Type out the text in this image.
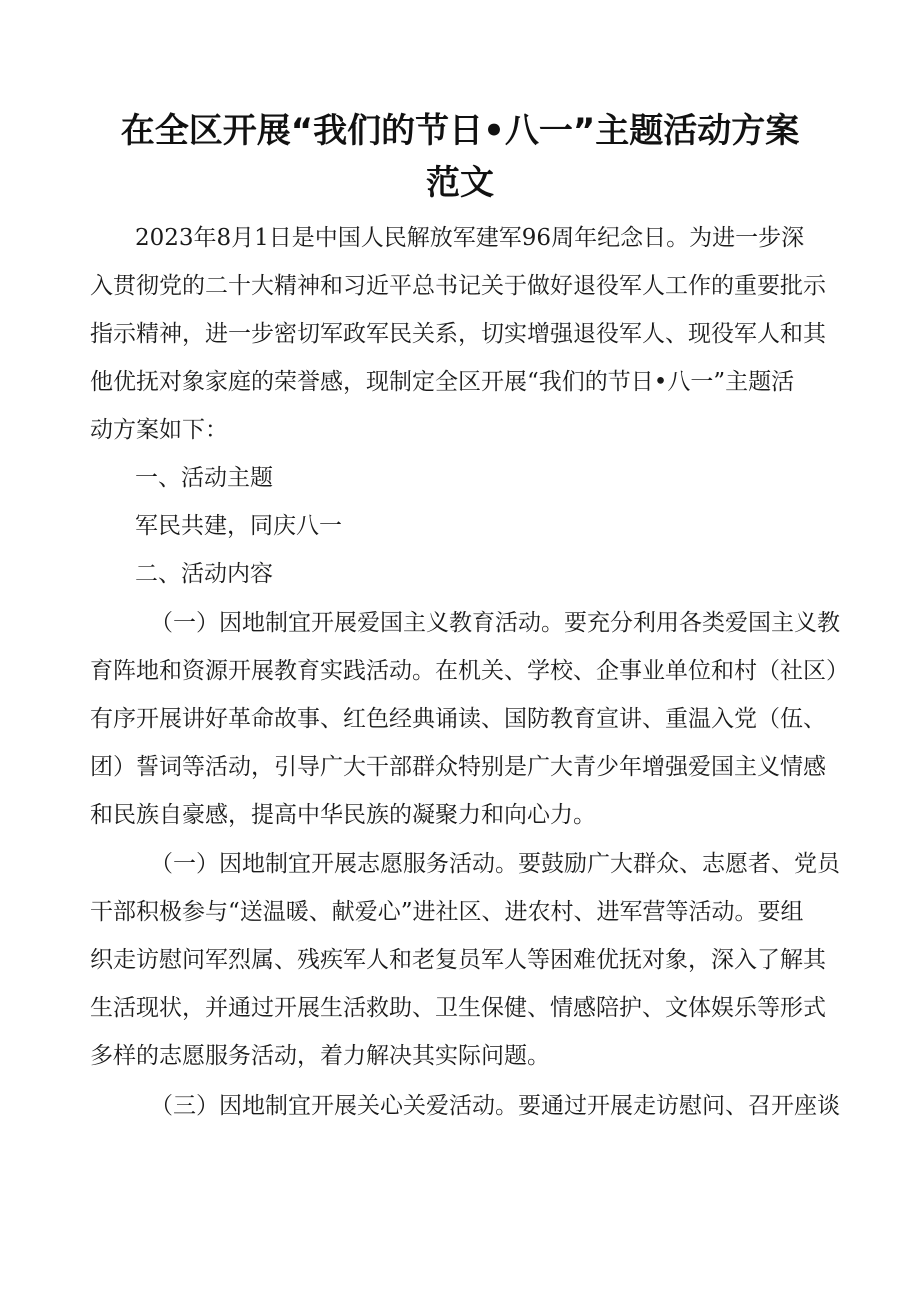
在全区开展“我们的节日•八一”主题活动方案
范文

2023年8月1日是中国人民解放军建军96周年纪念日。为进一步深

入贯彻党的二十大精神和习近平总书记关于做好退役军人工作的重要批示

指示精神，进一步密切军政军民关系，切实增强退役军人、现役军人和其

他优抚对象家庭的荣誉感，现制定全区开展“我们的节日•八一”主题活

动方案如下：

一、活动主题

军民共建，同庆八一

二、活动内容

（一）因地制宜开展爱国主义教育活动。要充分利用各类爱国主义教

育阵地和资源开展教育实践活动。在机关、学校、企事业单位和村（社区）

有序开展讲好革命故事、红色经典诵读、国防教育宣讲、重温入党（伍、

团）誓词等活动，引导广大干部群众特别是广大青少年增强爱国主义情感

和民族自豪感，提高中华民族的凝聚力和向心力。

（一）因地制宜开展志愿服务活动。要鼓励广大群众、志愿者、党员

干部积极参与“送温暖、献爱心”进社区、进农村、进军营等活动。要组

织走访慰问军烈属、残疾军人和老复员军人等困难优抚对象，深入了解其

生活现状，并通过开展生活救助、卫生保健、情感陪护、文体娱乐等形式

多样的志愿服务活动，着力解决其实际问题。

（三）因地制宜开展关心关爱活动。要通过开展走访慰问、召开座谈
